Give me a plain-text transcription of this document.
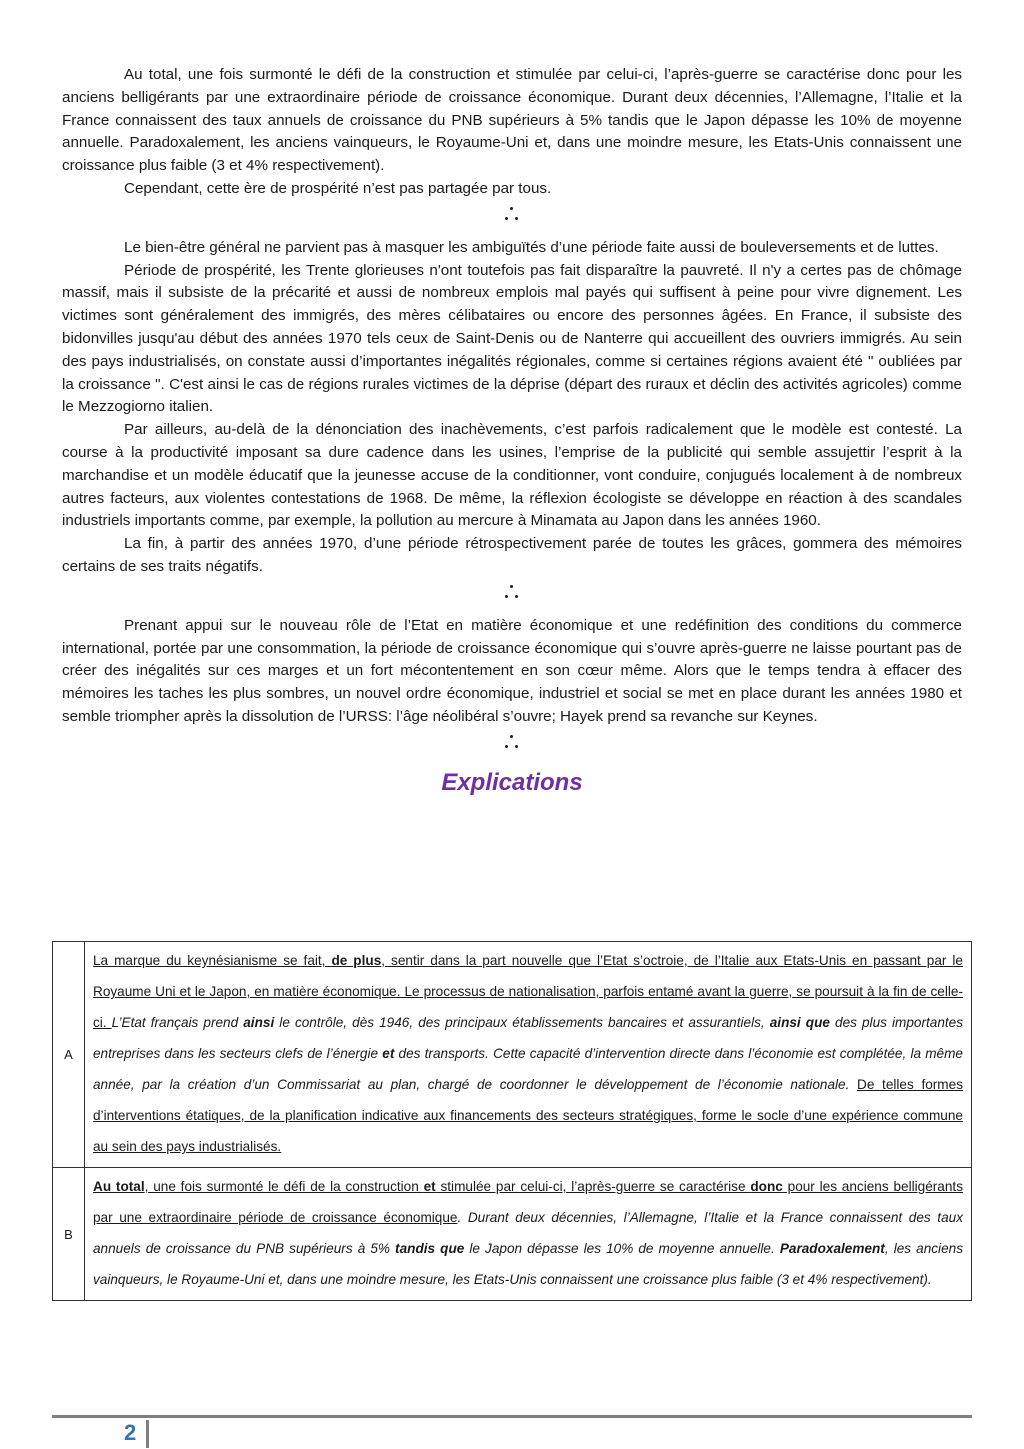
Au total, une fois surmonté le défi de la construction et stimulée par celui-ci, l’après-guerre se caractérise donc pour les anciens belligérants par une extraordinaire période de croissance économique. Durant deux décennies, l’Allemagne, l’Italie et la France connaissent des taux annuels de croissance du PNB supérieurs à 5% tandis que le Japon dépasse les 10% de moyenne annuelle. Paradoxalement, les anciens vainqueurs, le Royaume-Uni et, dans une moindre mesure, les Etats-Unis connaissent une croissance plus faible (3 et 4% respectivement).

Cependant, cette ère de prospérité n’est pas partagée par tous.

Le bien-être général ne parvient pas à masquer les ambiguïtés d’une période faite aussi de bouleversements et de luttes.

Période de prospérité, les Trente glorieuses n'ont toutefois pas fait disparaître la pauvreté. Il n'y a certes pas de chômage massif, mais il subsiste de la précarité et aussi de nombreux emplois mal payés qui suffisent à peine pour vivre dignement. Les victimes sont généralement des immigrés, des mères célibataires ou encore des personnes âgées. En France, il subsiste des bidonvilles jusqu'au début des années 1970 tels ceux de Saint-Denis ou de Nanterre qui accueillent des ouvriers immigrés. Au sein des pays industrialisés, on constate aussi d’importantes inégalités régionales, comme si certaines régions avaient été " oubliées par la croissance ". C'est ainsi le cas de régions rurales victimes de la déprise (départ des ruraux et déclin des activités agricoles) comme le Mezzogiorno italien.

Par ailleurs, au-delà de la dénonciation des inachèvements, c’est parfois radicalement que le modèle est contesté. La course à la productivité imposant sa dure cadence dans les usines, l’emprise de la publicité qui semble assujettir l’esprit à la marchandise et un modèle éducatif que la jeunesse accuse de la conditionner, vont conduire, conjugués localement à de nombreux autres facteurs, aux violentes contestations de 1968. De même, la réflexion écologiste se développe en réaction à des scandales industriels importants comme, par exemple, la pollution au mercure à Minamata au Japon dans les années 1960.

La fin, à partir des années 1970, d’une période rétrospectivement parée de toutes les grâces, gommera des mémoires certains de ses traits négatifs.

Prenant appui sur le nouveau rôle de l’Etat en matière économique et une redéfinition des conditions du commerce international, portée par une consommation, la période de croissance économique qui s’ouvre après-guerre ne laisse pourtant pas de créer des inégalités sur ces marges et un fort mécontentement en son cœur même. Alors que le temps tendra à effacer des mémoires les taches les plus sombres, un nouvel ordre économique, industriel et social se met en place durant les années 1980 et semble triompher après la dissolution de l’URSS: l’âge néolibéral s’ouvre; Hayek prend sa revanche sur Keynes.

Explications
A	La marque du keynésianisme se fait, de plus, sentir dans la part nouvelle que l’Etat s’octroie, de l’Italie aux Etats-Unis en passant par le Royaume Uni et le Japon, en matière économique. Le processus de nationalisation, parfois entamé avant la guerre, se poursuit à la fin de celle-ci. L’Etat français prend ainsi le contrôle, dès 1946, des principaux établissements bancaires et assurantiels, ainsi que des plus importantes entreprises dans les secteurs clefs de l’énergie et des transports. Cette capacité d’intervention directe dans l’économie est complétée, la même année, par la création d’un Commissariat au plan, chargé de coordonner le développement de l’économie nationale. De telles formes d’interventions étatiques, de la planification indicative aux financements des secteurs stratégiques, forme le socle d’une expérience commune au sein des pays industrialisés.
B	Au total, une fois surmonté le défi de la construction et stimulée par celui-ci, l’après-guerre se caractérise donc pour les anciens belligérants par une extraordinaire période de croissance économique. Durant deux décennies, l’Allemagne, l’Italie et la France connaissent des taux annuels de croissance du PNB supérieurs à 5% tandis que le Japon dépasse les 10% de moyenne annuelle. Paradoxalement, les anciens vainqueurs, le Royaume-Uni et, dans une moindre mesure, les Etats-Unis connaissent une croissance plus faible (3 et 4% respectivement).
2
